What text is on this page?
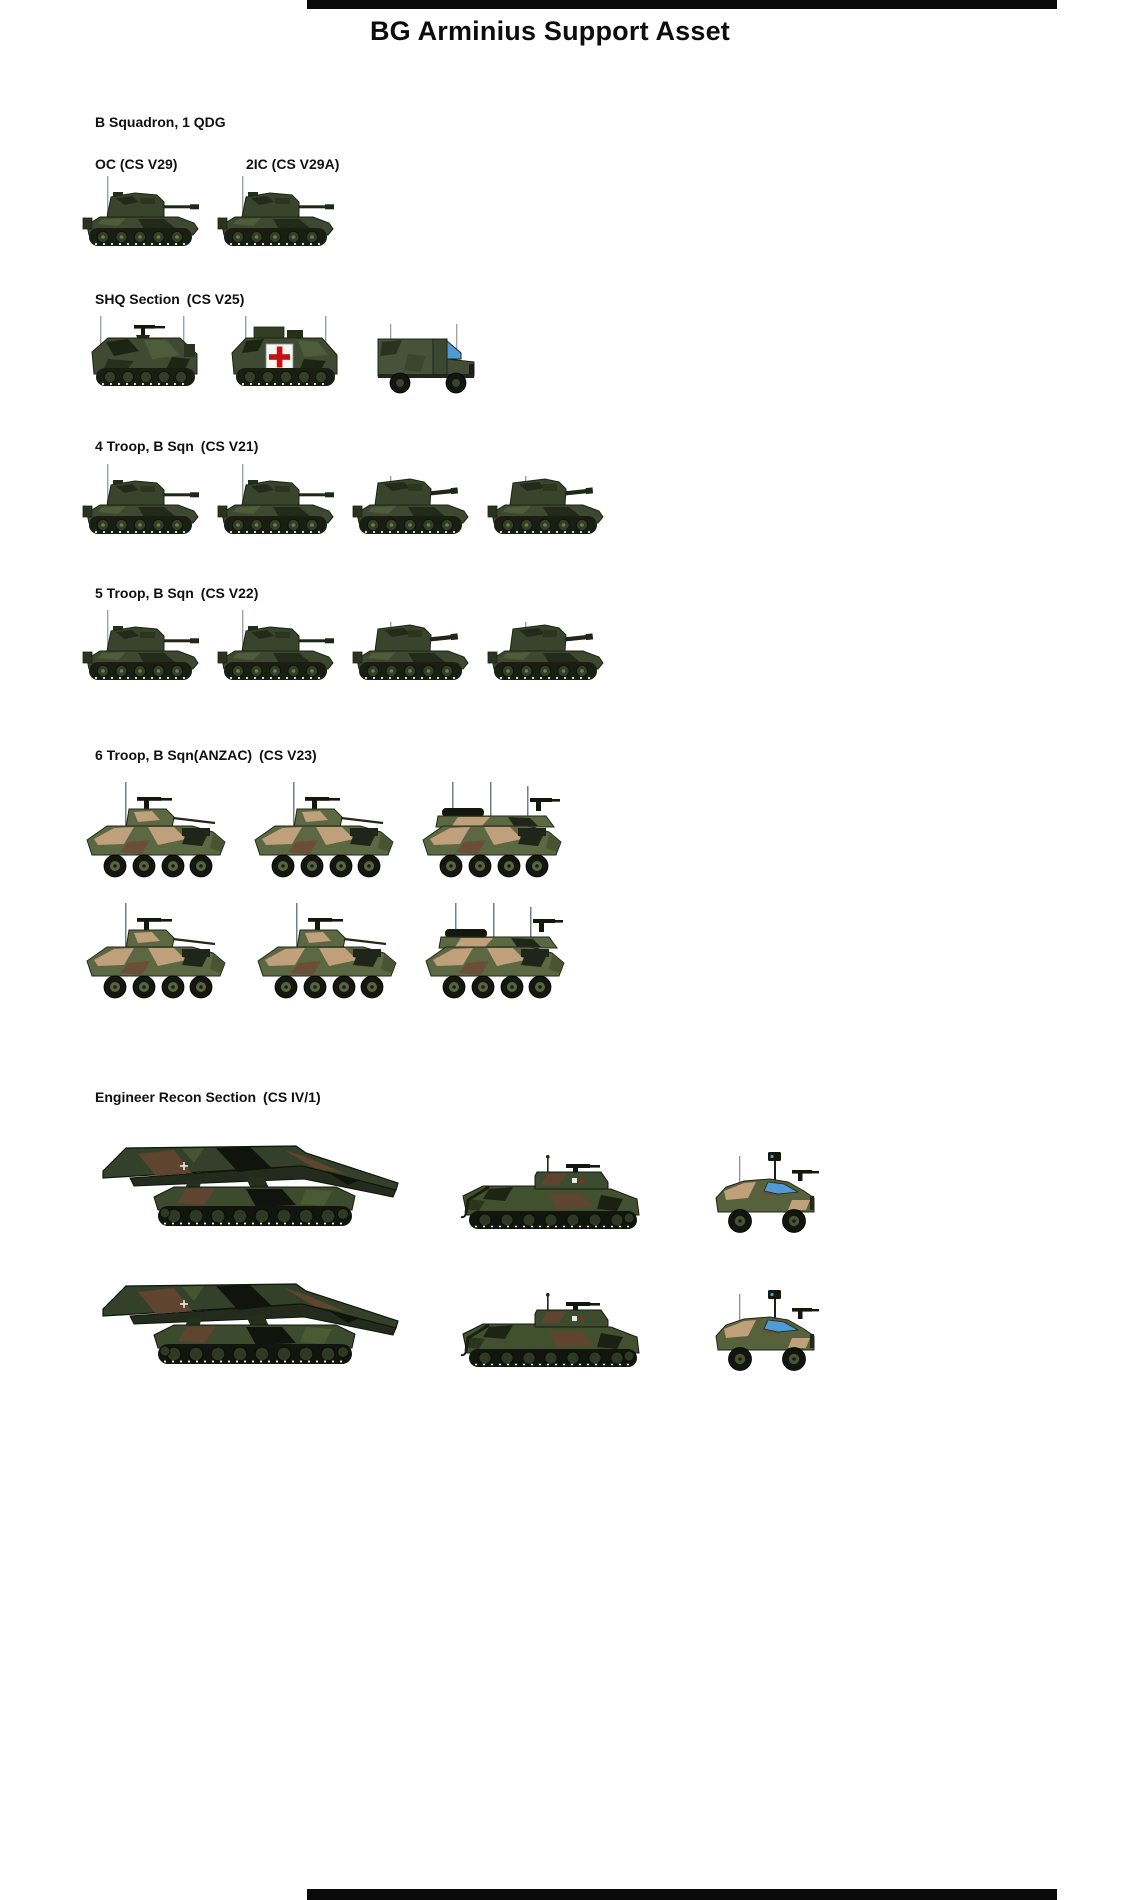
BG Arminius Support Asset
B Squadron, 1 QDG
OC (CS V29)	2IC (CS V29A)
SHQ Section (CS V25)
4 Troop, B Sqn (CS V21)
5 Troop, B Sqn (CS V22)
6 Troop, B Sqn(ANZAC) (CS V23)
Engineer Recon Section (CS IV/1)
